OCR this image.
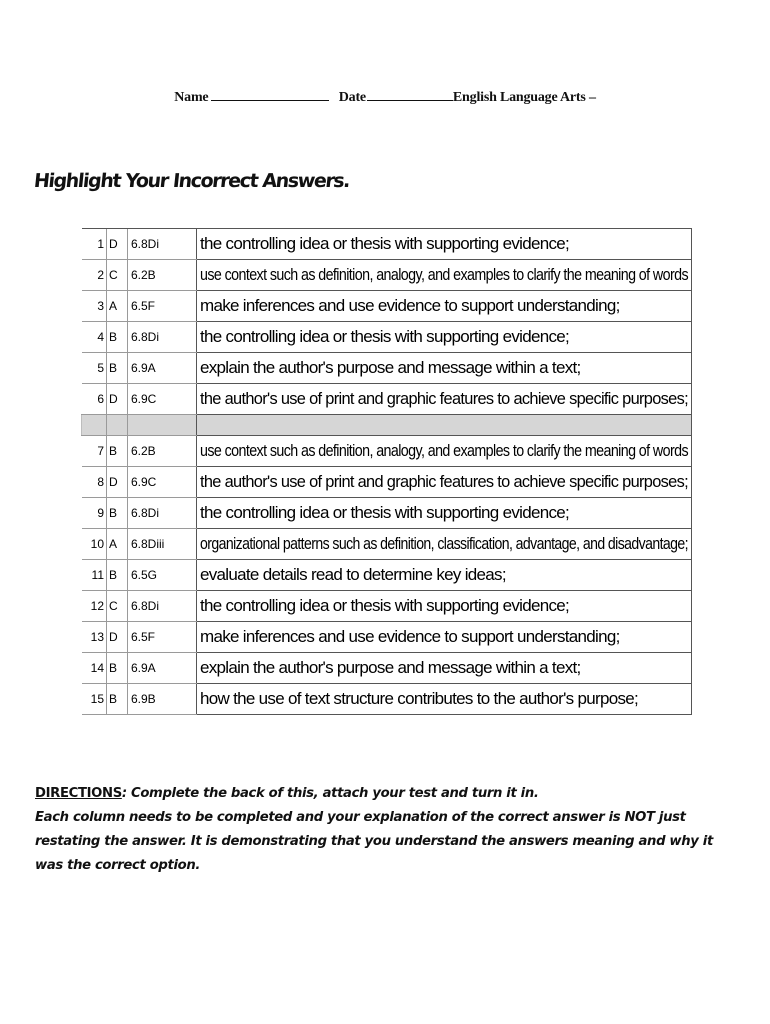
Name	Date	English Language Arts –
Highlight Your Incorrect Answers.
1	D	6.8Di	the controlling idea or thesis with supporting evidence;
2	C	6.2B	use context such as definition, analogy, and examples to clarify the meaning of words
3	A	6.5F	make inferences and use evidence to support understanding;
4	B	6.8Di	the controlling idea or thesis with supporting evidence;
5	B	6.9A	explain the author's purpose and message within a text;
6	D	6.9C	the author's use of print and graphic features to achieve specific purposes;

7	B	6.2B	use context such as definition, analogy, and examples to clarify the meaning of words
8	D	6.9C	the author's use of print and graphic features to achieve specific purposes;
9	B	6.8Di	the controlling idea or thesis with supporting evidence;
10	A	6.8Diii	organizational patterns such as definition, classification, advantage, and disadvantage;
11	B	6.5G	evaluate details read to determine key ideas;
12	C	6.8Di	the controlling idea or thesis with supporting evidence;
13	D	6.5F	make inferences and use evidence to support understanding;
14	B	6.9A	explain the author's purpose and message within a text;
15	B	6.9B	how the use of text structure contributes to the author's purpose;
DIRECTIONS: Complete the back of this, attach your test and turn it in.
Each column needs to be completed and your explanation of the correct answer is NOT just restating the answer. It is demonstrating that you understand the answers meaning and why it was the correct option.
